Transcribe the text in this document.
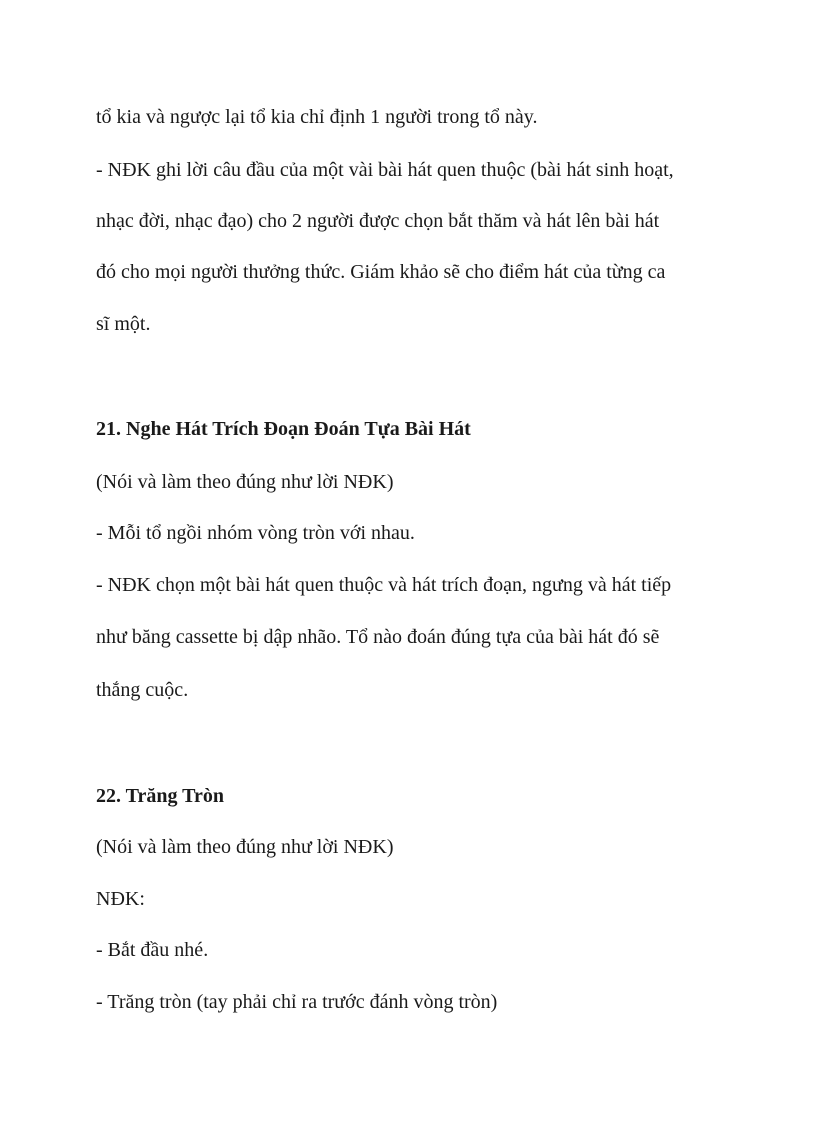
tổ kia và ngược lại tổ kia chỉ định 1 người trong tổ này.
- NĐK ghi lời câu đầu của một vài bài hát quen thuộc (bài hát sinh hoạt,
nhạc đời, nhạc đạo) cho 2 người được chọn bắt thăm và hát lên bài hát
đó cho mọi người thưởng thức. Giám khảo sẽ cho điểm hát của từng ca
sĩ một.
21. Nghe Hát Trích Đoạn Đoán Tựa Bài Hát
(Nói và làm theo đúng như lời NĐK)
- Mỗi tổ ngồi nhóm vòng tròn với nhau.
- NĐK chọn một bài hát quen thuộc và hát trích đoạn, ngưng và hát tiếp
như băng cassette bị dập nhão. Tổ nào đoán đúng tựa của bài hát đó sẽ
thắng cuộc.
22. Trăng Tròn
(Nói và làm theo đúng như lời NĐK)
NĐK:
- Bắt đầu nhé.
- Trăng tròn (tay phải chỉ ra trước đánh vòng tròn)
